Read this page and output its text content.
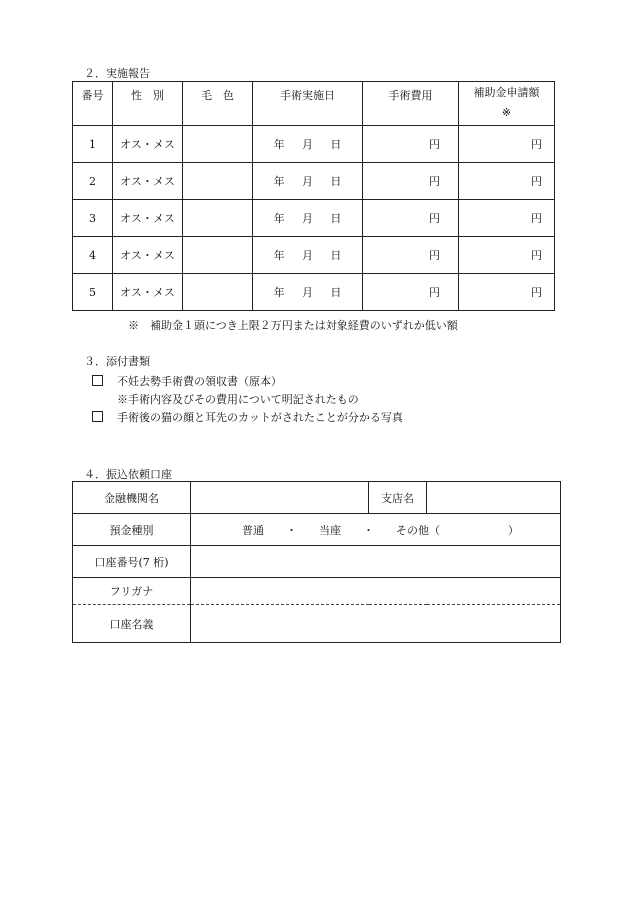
２．実施報告
番号	性　別	毛　色	手術実施日	手術費用	補助金申請額
※

1	オス・メス		年 月 日	円	円
2	オス・メス		年 月 日	円	円
3	オス・メス		年 月 日	円	円
4	オス・メス		年 月 日	円	円
5	オス・メス		年 月 日	円	円
※　補助金１頭につき上限２万円または対象経費のいずれか低い額
３．添付書類
不妊去勢手術費の領収書（原本）
※手術内容及びその費用について明記されたもの
手術後の猫の顔と耳先のカットがされたことが分かる写真
４．振込依頼口座
金融機関名		支店名	
預金種別	普通 ・ 当座 ・ その他（ ）		

口座番号(7 桁)			
フリガナ			
口座名義			
